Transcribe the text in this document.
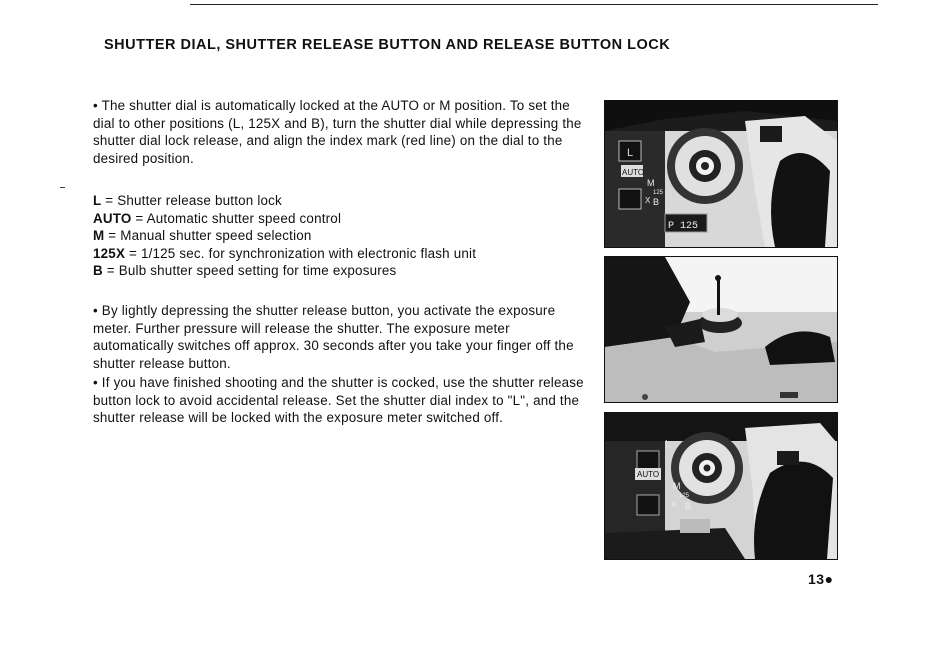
SHUTTER DIAL, SHUTTER RELEASE BUTTON AND RELEASE BUTTON LOCK
• The shutter dial is automatically locked at the AUTO or M position. To set the dial to other positions (L, 125X and B), turn the shutter dial while depressing the shutter dial lock release, and align the index mark (red line) on the dial to the desired position.
L = Shutter release button lock
AUTO = Automatic shutter speed control
M = Manual shutter speed selection
125X = 1/125 sec. for synchronization with electronic flash unit
B = Bulb shutter speed setting for time exposures
• By lightly depressing the shutter release button, you activate the exposure meter. Further pressure will release the shutter. The exposure meter automatically switches off approx. 30 seconds after you take your finger off the shutter release button.
• If you have finished shooting and the shutter is cocked, use the shutter release button lock to avoid accidental release. Set the shutter dial index to "L", and the shutter release will be locked with the exposure meter switched off.
L
AUTO
M
125
X B
P 125
L
AUTO
M
125
X B
13●
